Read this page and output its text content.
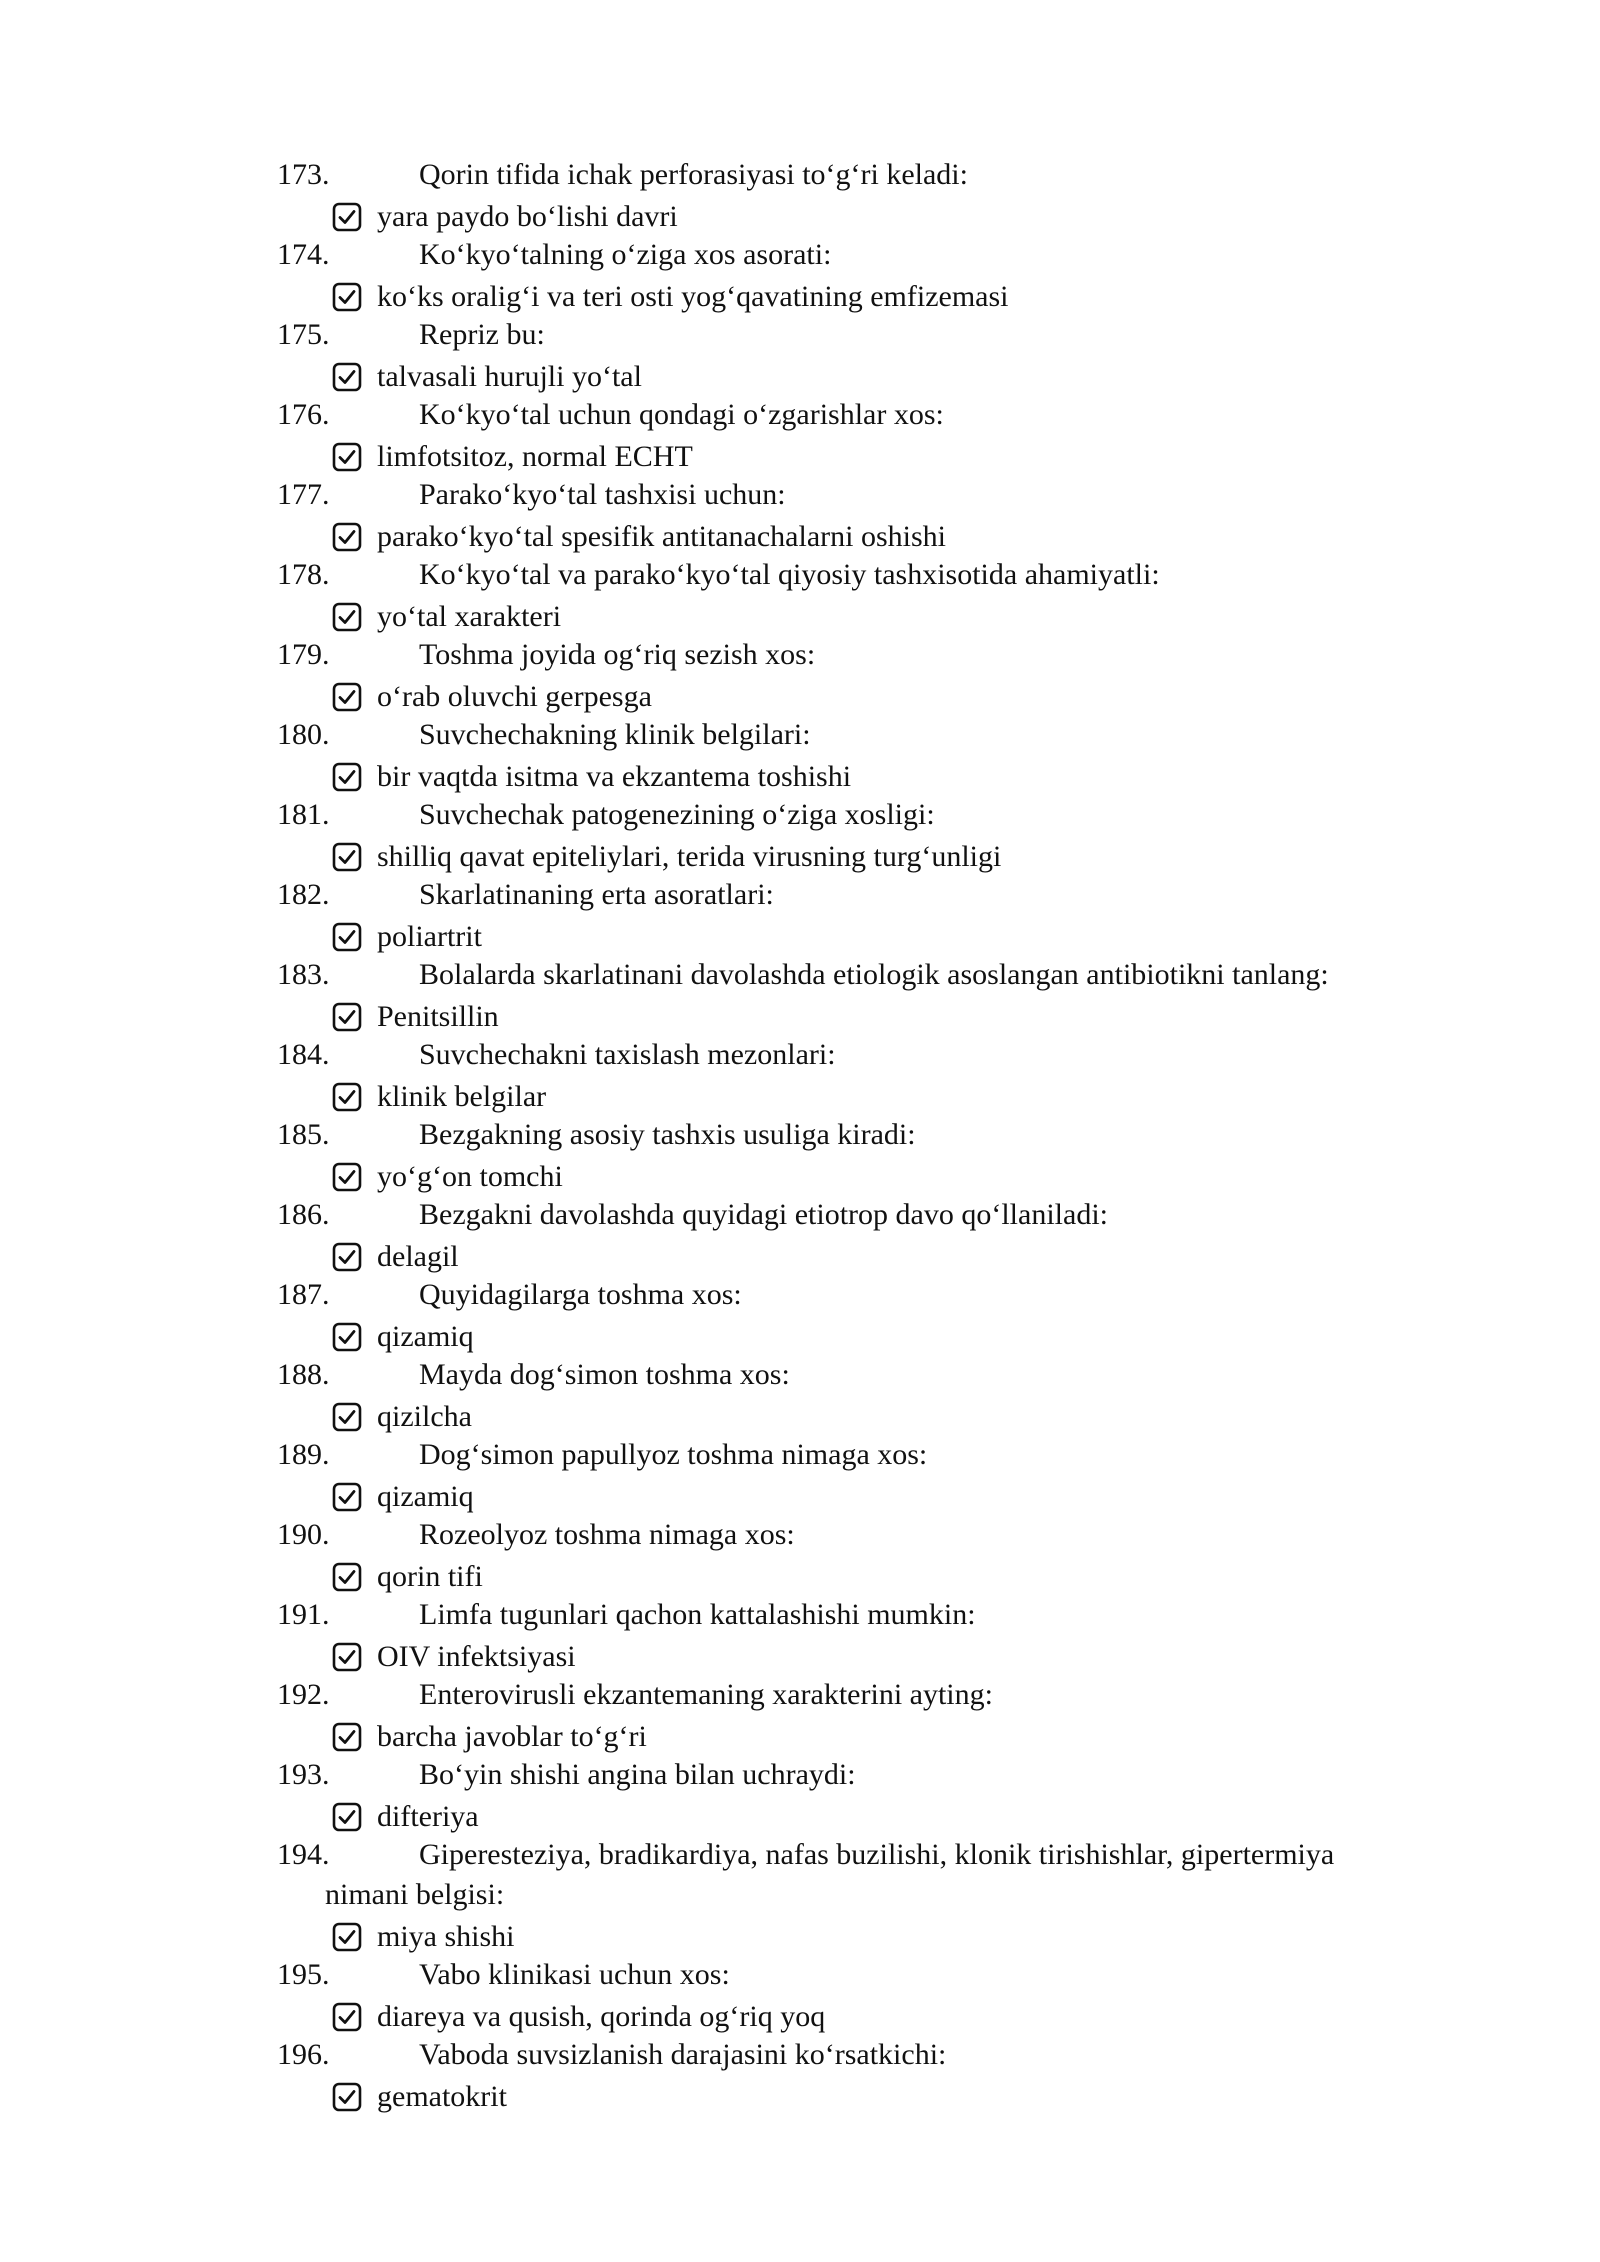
173.	Qorin tifida ichak perforasiyasi to‘g‘ri keladi:
yara paydo bo‘lishi davri
174.	Ko‘kyo‘talning o‘ziga xos asorati:
ko‘ks oralig‘i va teri osti yog‘qavatining emfizemasi
175.	Repriz bu:
talvasali hurujli yo‘tal
176.	Ko‘kyo‘tal uchun qondagi o‘zgarishlar xos:
limfotsitoz, normal ECHT
177.	Parako‘kyo‘tal tashxisi uchun:
parako‘kyo‘tal spesifik antitanachalarni oshishi
178.	Ko‘kyo‘tal va parako‘kyo‘tal qiyosiy tashxisotida ahamiyatli:
yo‘tal xarakteri
179.	Toshma joyida og‘riq sezish xos:
o‘rab oluvchi gerpesga
180.	Suvchechakning klinik belgilari:
bir vaqtda isitma va ekzantema toshishi
181.	Suvchechak patogenezining o‘ziga xosligi:
shilliq qavat epiteliylari, terida virusning turg‘unligi
182.	Skarlatinaning erta asoratlari:
poliartrit
183.	Bolalarda skarlatinani davolashda etiologik asoslangan antibiotikni tanlang:
Penitsillin
184.	Suvchechakni taxislash mezonlari:
klinik belgilar
185.	Bezgakning asosiy tashxis usuliga kiradi:
yo‘g‘on tomchi
186.	Bezgakni davolashda quyidagi etiotrop davo qo‘llaniladi:
delagil
187.	Quyidagilarga toshma xos:
qizamiq
188.	Mayda dog‘simon toshma xos:
qizilcha
189.	Dog‘simon papullyoz toshma nimaga xos:
qizamiq
190.	Rozeolyoz toshma nimaga xos:
qorin tifi
191.	Limfa tugunlari qachon kattalashishi mumkin:
OIV infektsiyasi
192.	Enterovirusli ekzantemaning xarakterini ayting:
barcha javoblar to‘g‘ri
193.	Bo‘yin shishi angina bilan uchraydi:
difteriya
194.	Giperesteziya, bradikardiya, nafas buzilishi, klonik tirishishlar, gipertermiya
nimani belgisi:
miya shishi
195.	Vabo klinikasi uchun xos:
diareya va qusish, qorinda og‘riq yoq
196.	Vaboda suvsizlanish darajasini ko‘rsatkichi:
gematokrit
